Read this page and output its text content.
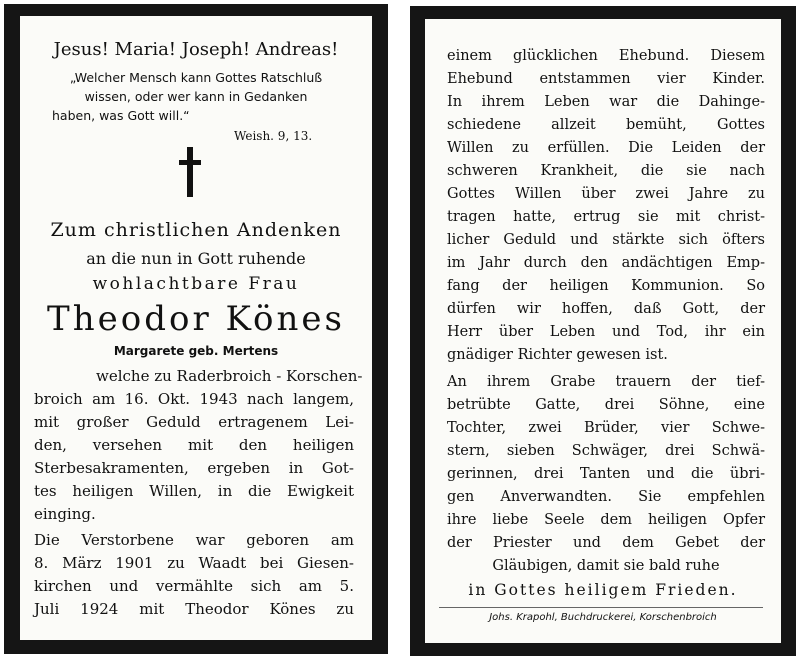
Jesus! Maria! Joseph! Andreas!
„Welcher Mensch kann Gottes Ratschluß
wissen, oder wer kann in Gedanken
haben, was Gott will.“
Weish. 9, 13.
Zum christlichen Andenken
an die nun in Gott ruhende
wohlachtbare Frau
Theodor Könes
Margarete geb. Mertens
welche zu Raderbroich - Korschen-
broich am 16. Okt. 1943 nach langem,
mit großer Geduld ertragenem Lei-
den, versehen mit den heiligen
Sterbesakramenten, ergeben in Got-
tes heiligen Willen, in die Ewigkeit
einging.
Die Verstorbene war geboren am
8. März 1901 zu Waadt bei Giesen-
kirchen und vermählte sich am 5.
Juli 1924 mit Theodor Könes zu
einem glücklichen Ehebund. Diesem
Ehebund entstammen vier Kinder.
In ihrem Leben war die Dahinge-
schiedene allzeit bemüht, Gottes
Willen zu erfüllen. Die Leiden der
schweren Krankheit, die sie nach
Gottes Willen über zwei Jahre zu
tragen hatte, ertrug sie mit christ-
licher Geduld und stärkte sich öfters
im Jahr durch den andächtigen Emp-
fang der heiligen Kommunion. So
dürfen wir hoffen, daß Gott, der
Herr über Leben und Tod, ihr ein
gnädiger Richter gewesen ist.
An ihrem Grabe trauern der tief-
betrübte Gatte, drei Söhne, eine
Tochter, zwei Brüder, vier Schwe-
stern, sieben Schwäger, drei Schwä-
gerinnen, drei Tanten und die übri-
gen Anverwandten. Sie empfehlen
ihre liebe Seele dem heiligen Opfer
der Priester und dem Gebet der
Gläubigen, damit sie bald ruhe
in Gottes heiligem Frieden.
Johs. Krapohl, Buchdruckerei, Korschenbroich
